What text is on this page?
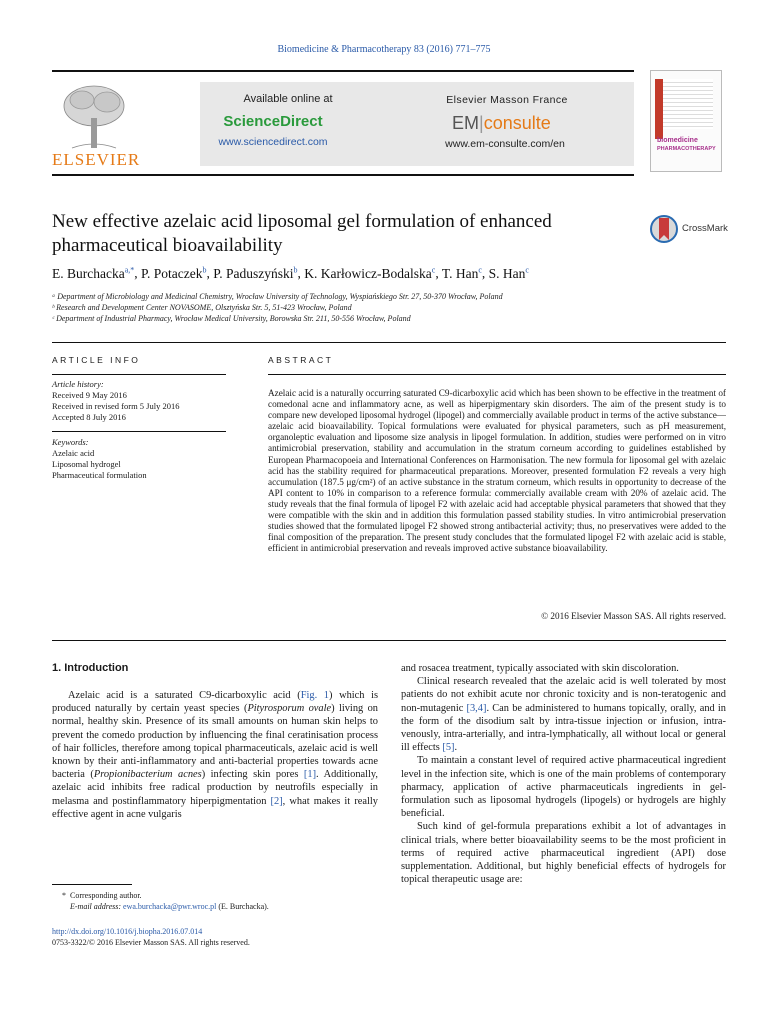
Biomedicine & Pharmacotherapy 83 (2016) 771–775
ELSEVIER
Available online at
ScienceDirect
www.sciencedirect.com
Elsevier Masson France
EM|consulte
www.em-consulte.com/en	biomedicine
PHARMACOTHERAPY
New effective azelaic acid liposomal gel formulation of enhanced
pharmaceutical bioavailability
CrossMark
E. Burchacka$^{a,*}$, P. Potaczek$^b$, P. Paduszyński$^b$, K. Karłowicz-Bodalska$^c$, T. Han$^c$, S. Han$^c$
ᵃ Department of Microbiology and Medicinal Chemistry, Wrocław University of Technology, Wyspiańskiego Str. 27, 50-370 Wrocław, Poland
ᵇ Research and Development Center NOVASOME, Olsztyńska Str. 5, 51-423 Wrocław, Poland
ᶜ Department of Industrial Pharmacy, Wrocław Medical University, Borowska Str. 211, 50-556 Wrocław, Poland
ARTICLE INFO
Article history:
Received 9 May 2016
Received in revised form 5 July 2016
Accepted 8 July 2016
Keywords:
Azelaic acid
Liposomal hydrogel
Pharmaceutical formulation
ABSTRACT
Azelaic acid is a naturally occurring saturated C9-dicarboxylic acid which has been shown to be effective in the treatment of comedonal acne and inflammatory acne, as well as hiperpigmentary skin disorders. The aim of the present study is to compare new developed liposomal hydrogel (lipogel) and commercially available product in terms of the active substance—azelaic acid bioavailability. Topical formulations were evaluated for physical parameters, such as pH measurement, organoleptic evaluation and liposome size analysis in lipogel formulation. In addition, studies were performed on in vitro antimicrobial preservation, stability and accumulation in the stratum corneum according to guidelines established by European Pharmacopoeia and International Conferences on Harmonisation. The new formula for liposomal gel with azelaic acid has the stability required for pharmaceutical preparations. Moreover, presented formulation F2 reveals a very high accumulation (187.5 μg/cm²) of an active substance in the stratum corneum, which results in opportunity to decrease of the API content to 10% in comparison to a reference formula: commercially available cream with 20% of azelaic acid. The study reveals that the final formula of lipogel F2 with azelaic acid had acceptable physical parameters that showed that they were compatible with the skin and in addition this formulation passed stability studies. In vitro antimicrobial preservation studies showed that the formulated lipogel F2 showed strong antibacterial activity; thus, no preservatives were added to the final composition of the preparation. The present study concludes that the formulated lipogel F2 with azelaic acid is stable, efficient in antimicrobial preservation and reveals improved active substance bioavailability.
© 2016 Elsevier Masson SAS. All rights reserved.
1. Introduction

Azelaic acid is a saturated C9-dicarboxylic acid (Fig. 1) which is produced naturally by certain yeast species (Pityrosporum ovale) living on normal, healthy skin. Presence of its small amounts on human skin helps to prevent the comedo production by influencing the final ceratinisation process of hair follicles, therefore among topical pharmaceuticals, azelaic acid is well known by their anti-inflammatory and anti-bacterial properties towards acne bacteria (Propionibacterium acnes) infecting skin pores [1]. Additionally, azelaic acid inhibits free radical production by neutrofils especially in melasma and postinflammatory hiperpigmentation [2], what makes it really effective agent in acne vulgaris

and rosacea treatment, typically associated with skin discoloration.

Clinical research revealed that the azelaic acid is well tolerated by most patients do not exhibit acute nor chronic toxicity and is non-teratogenic and non-mutagenic [3,4]. Can be administered to humans topically, orally, and in the form of the disodium salt by intra-tissue injection or infusion, intra-venously, intra-arterially, and intra-lymphatically, all without local or general ill effects [5].

To maintain a constant level of required active pharmaceutical ingredient level in the infection site, which is one of the main problems of contemporary pharmacy, application of active pharmaceuticals ingredients in gel-formulation such as liposomal hydrogels (lipogels) or hydrogels are highly beneficial.

Such kind of gel-formula preparations exhibit a lot of advantages in clinical trials, where better bioavailability seems to be the most proficient in terms of required active pharmaceutical ingredient (API) dose supplementation. Additional, but highly beneficial effects of hydrogels for topical therapeutic usage are:

* Corresponding author.
E-mail address: ewa.burchacka@pwr.wroc.pl (E. Burchacka).
http://dx.doi.org/10.1016/j.biopha.2016.07.014
0753-3322/© 2016 Elsevier Masson SAS. All rights reserved.
